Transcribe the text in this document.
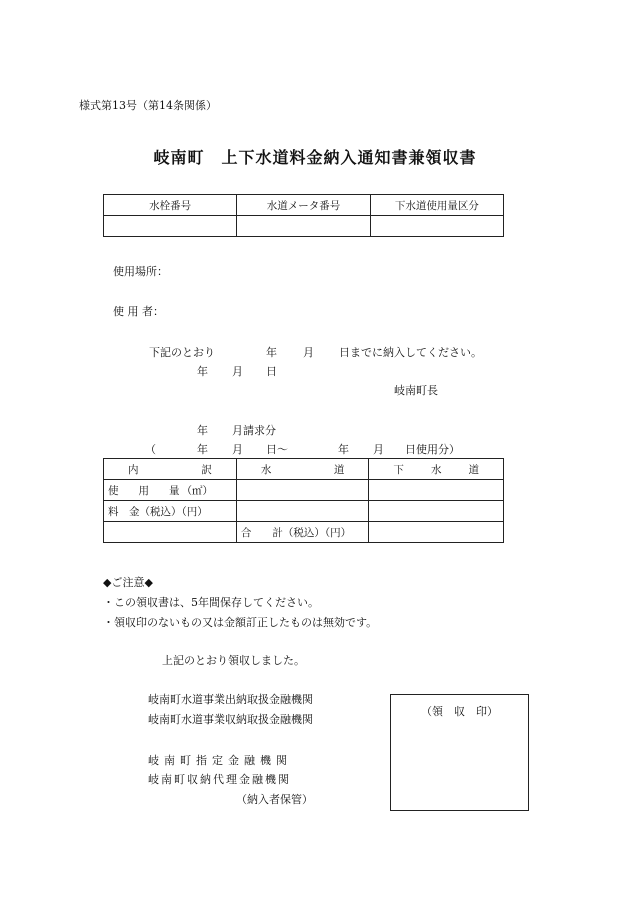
様式第13号（第14条関係）
岐南町　上下水道料金納入通知書兼領収書
水栓番号	水道メータ番号	下水道使用量区分

使用場所：
使 用 者：
下記のとおり	年 月 日までに納入してください。
年 月 日
岐南町長
年 月請求分
（	年 月 日～	年 月 日使用分）
内 訳	水 道	下 水 道

使 用 量 （㎡）		

料　金（税込）（円）		
	合　　計（税込）（円）	
◆ご注意◆
・この領収書は、5年間保存してください。
・領収印のないもの又は金額訂正したものは無効です。
上記のとおり領収しました。
岐南町水道事業出納取扱金融機関
岐南町水道事業収納取扱金融機関
岐南町指定金融機関
岐南町収納代理金融機関
（納入者保管）
（領　収　印）
